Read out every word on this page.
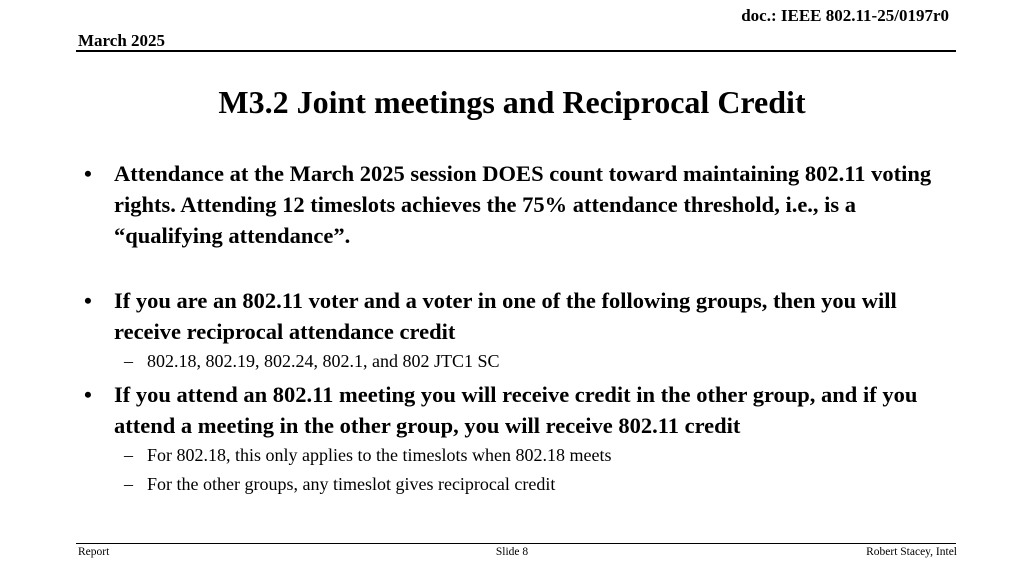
doc.: IEEE 802.11-25/0197r0
March 2025
M3.2 Joint meetings and Reciprocal Credit
• Attendance at the March 2025 session DOES count toward maintaining 802.11 voting rights. Attending 12 timeslots achieves the 75% attendance threshold, i.e., is a “qualifying attendance”.
• If you are an 802.11 voter and a voter in one of the following groups, then you will receive reciprocal attendance credit
– 802.18, 802.19, 802.24, 802.1, and 802 JTC1 SC
• If you attend an 802.11 meeting you will receive credit in the other group, and if you attend a meeting in the other group, you will receive 802.11 credit
– For 802.18, this only applies to the timeslots when 802.18 meets
– For the other groups, any timeslot gives reciprocal credit
Report	Slide 8	Robert Stacey, Intel
